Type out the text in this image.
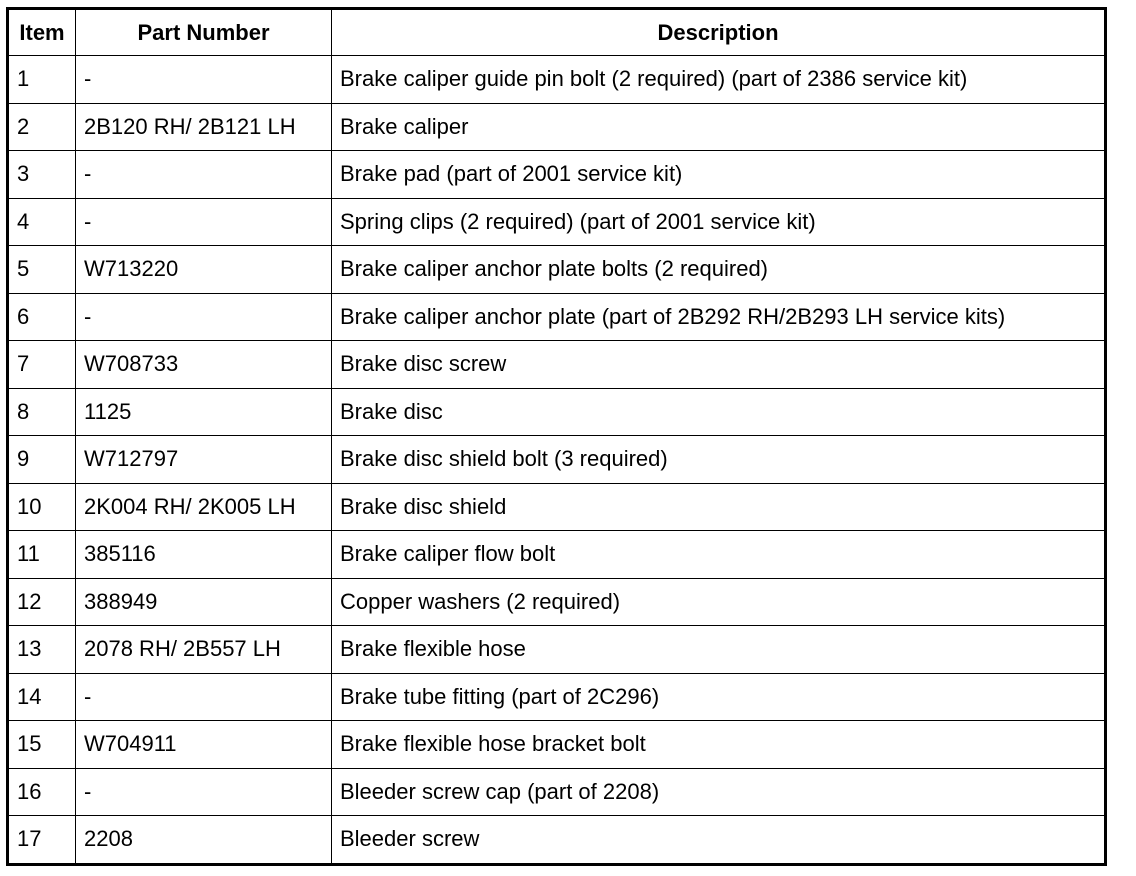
Item	Part Number	Description
1	-	Brake caliper guide pin bolt (2 required) (part of 2386 service kit)
2	2B120 RH/ 2B121 LH	Brake caliper
3	-	Brake pad (part of 2001 service kit)
4	-	Spring clips (2 required) (part of 2001 service kit)
5	W713220	Brake caliper anchor plate bolts (2 required)
6	-	Brake caliper anchor plate (part of 2B292 RH/2B293 LH service kits)
7	W708733	Brake disc screw
8	1125	Brake disc
9	W712797	Brake disc shield bolt (3 required)
10	2K004 RH/ 2K005 LH	Brake disc shield
11	385116	Brake caliper flow bolt
12	388949	Copper washers (2 required)
13	2078 RH/ 2B557 LH	Brake flexible hose
14	-	Brake tube fitting (part of 2C296)
15	W704911	Brake flexible hose bracket bolt
16	-	Bleeder screw cap (part of 2208)
17	2208	Bleeder screw
